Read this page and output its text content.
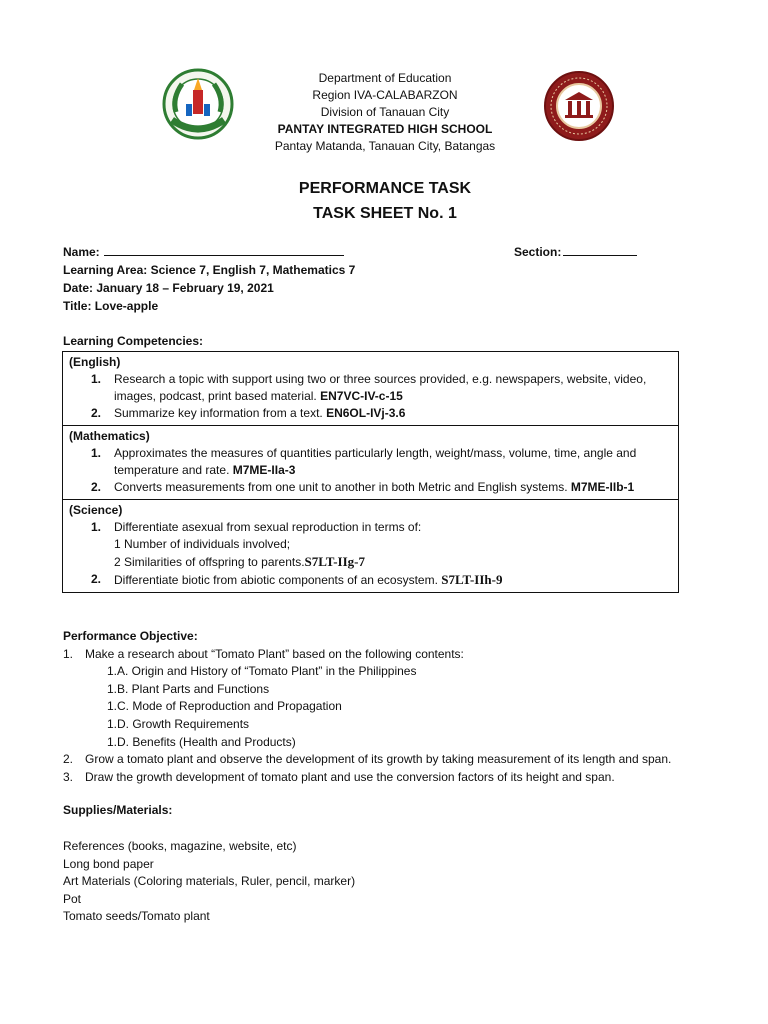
Department of Education
Region IVA-CALABARZON
Division of Tanauan City
PANTAY INTEGRATED HIGH SCHOOL
Pantay Matanda, Tanauan City, Batangas
PERFORMANCE TASK
TASK SHEET No. 1
Name:	Section:
Learning Area: Science 7, English 7, Mathematics 7
Date: January 18 – February 19, 2021
Title: Love-apple
Learning Competencies:
(English)
1. Research a topic with support using two or three sources provided, e.g. newspapers, website, video, images, podcast, print based material. EN7VC-IV-c-15
2. Summarize key information from a text. EN6OL-IVj-3.6
(Mathematics)
1. Approximates the measures of quantities particularly length, weight/mass, volume, time, angle and temperature and rate. M7ME-IIa-3
2. Converts measurements from one unit to another in both Metric and English systems. M7ME-IIb-1
(Science)
1. Differentiate asexual from sexual reproduction in terms of:
1 Number of individuals involved;
2 Similarities of offspring to parents.S7LT-IIg-7
2. Differentiate biotic from abiotic components of an ecosystem. S7LT-IIh-9
Performance Objective:
1. Make a research about “Tomato Plant” based on the following contents:
1.A. Origin and History of “Tomato Plant” in the Philippines
1.B. Plant Parts and Functions
1.C. Mode of Reproduction and Propagation
1.D. Growth Requirements
1.D. Benefits (Health and Products)
2. Grow a tomato plant and observe the development of its growth by taking measurement of its length and span.
3. Draw the growth development of tomato plant and use the conversion factors of its height and span.
Supplies/Materials:
References (books, magazine, website, etc)
Long bond paper
Art Materials (Coloring materials, Ruler, pencil, marker)
Pot
Tomato seeds/Tomato plant
